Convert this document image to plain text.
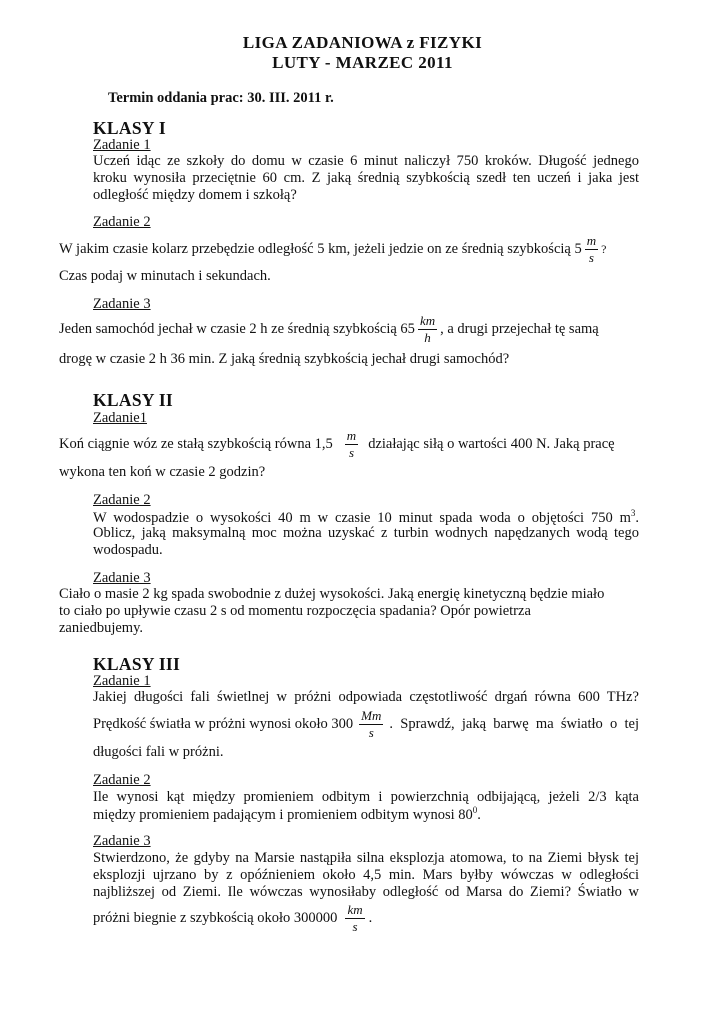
LIGA ZADANIOWA z FIZYKI
LUTY - MARZEC 2011
Termin oddania prac: 30. III. 2011 r.
KLASY I
Zadanie 1
Uczeń idąc ze szkoły do domu w czasie 6 minut naliczył 750 kroków. Długość jednego
kroku wynosiła przeciętnie 60 cm. Z jaką średnią szybkością szedł ten uczeń i jaka jest
odległość między domem i szkołą?
Zadanie 2
W jakim czasie kolarz przebędzie odległość 5 km, jeżeli jedzie on ze średnią szybkością $5 \frac{m}{s}$ ?
Czas podaj w minutach i sekundach.
Zadanie 3
Jeden samochód jechał w czasie 2 h ze średnią szybkością $65 \frac{km}{h}$ , a drugi przejechał tę samą
drogę w czasie 2 h 36 min. Z jaką średnią szybkością jechał drugi samochód?
KLASY II
Zadanie1
Koń ciągnie wóz ze stałą szybkością równa $1,5 \frac{m}{s}$ działając siłą o wartości 400 N. Jaką pracę
wykona ten koń w czasie 2 godzin?
Zadanie 2
W wodospadzie o wysokości 40 m w czasie 10 minut spada woda o objętości 750 $m^3$.
Oblicz, jaką maksymalną moc można uzyskać z turbin wodnych napędzanych wodą tego
wodospadu.
Zadanie 3
Ciało o masie 2 kg spada swobodnie z dużej wysokości. Jaką energię kinetyczną będzie miało
to ciało po upływie czasu 2 s od momentu rozpoczęcia spadania? Opór powietrza
zaniedbujemy.
KLASY III
Zadanie 1
Jakiej długości fali świetlnej w próżni odpowiada częstotliwość drgań równa 600 THz?
Prędkość światła w próżni wynosi około $300 \frac{Mm}{s}$ . Sprawdź, jaką barwę ma światło o tej
długości fali w próżni.
Zadanie 2
Ile wynosi kąt między promieniem odbitym i powierzchnią odbijającą, jeżeli 2/3 kąta
między promieniem padającym i promieniem odbitym wynosi $80^0$.
Zadanie 3
Stwierdzono, że gdyby na Marsie nastąpiła silna eksplozja atomowa, to na Ziemi błysk tej
eksplozji ujrzano by z opóźnieniem około 4,5 min. Mars byłby wówczas w odległości
najbliższej od Ziemi. Ile wówczas wynosiłaby odległość od Marsa do Ziemi? Światło w
próżni biegnie z szybkością około $300000 \frac{km}{s}$ .
